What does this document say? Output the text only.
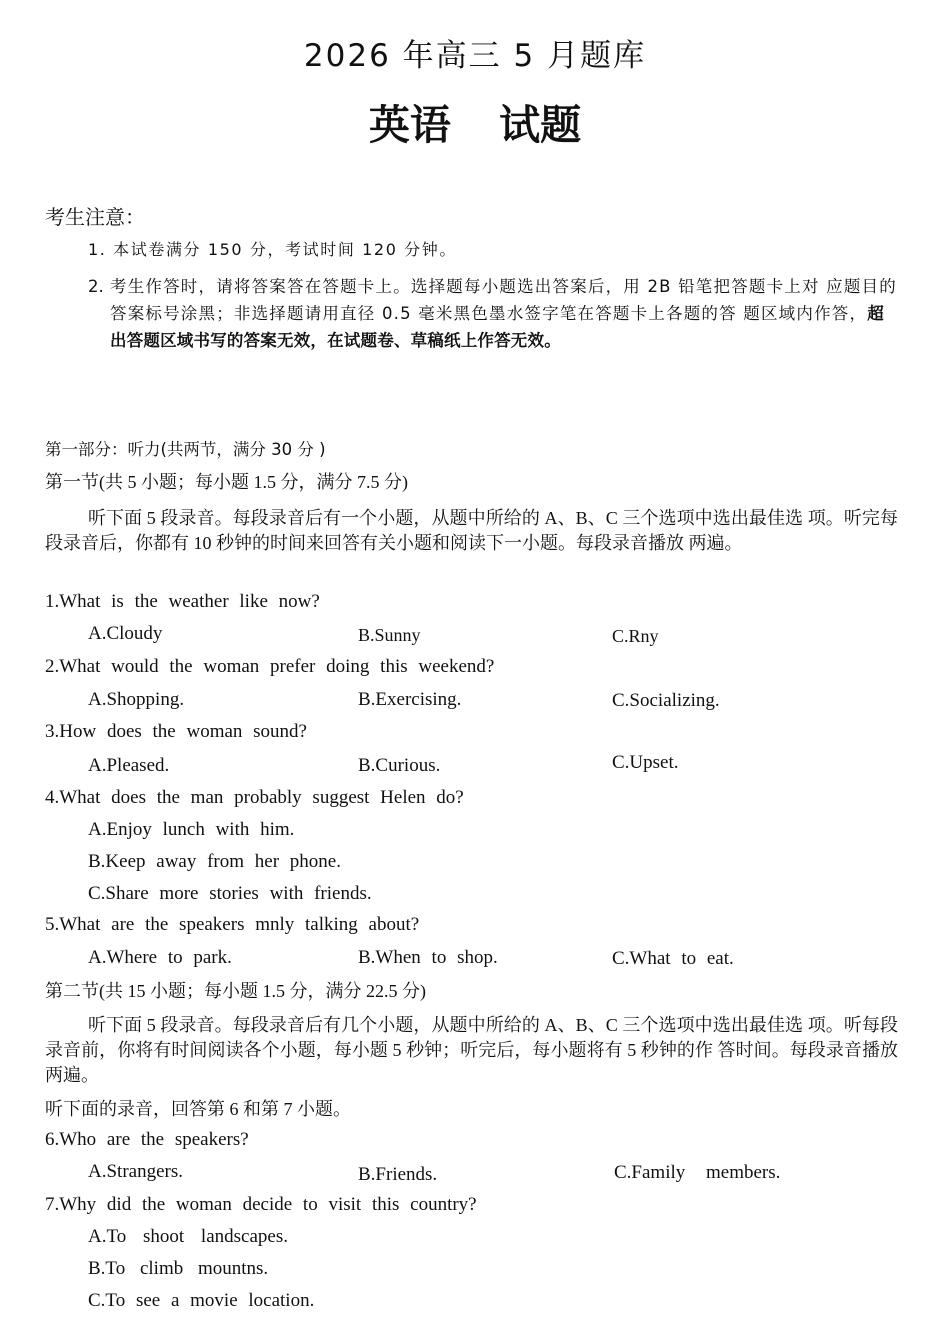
2026 年高三 5 月题库
英语 试题
考生注意：
1. 本试卷满分 150 分，考试时间 120 分钟。
2. 考生作答时，请将答案答在答题卡上。选择题每小题选出答案后，用 2B 铅笔把答题卡上对 应题目的答案标号涂黑；非选择题请用直径 0.5 毫米黑色墨水签字笔在答题卡上各题的答 题区域内作答，超出答题区域书写的答案无效，在试题卷、草稿纸上作答无效。
第一部分：听力(共两节，满分 30 分 )
第一节(共 5 小题；每小题 1.5 分，满分 7.5 分)
听下面 5 段录音。每段录音后有一个小题，从题中所给的 A、B、C 三个选项中选出最佳选 项。听完每段录音后，你都有 10 秒钟的时间来回答有关小题和阅读下一小题。每段录音播放 两遍。
1.What is the weather like now?
A.Cloudy	B.Sunny	C.Rny
2.What would the woman prefer doing this weekend?
A.Shopping.	B.Exercising.	C.Socializing.
3.How does the woman sound?
A.Pleased.	B.Curious.	C.Upset.
4.What does the man probably suggest Helen do?
A.Enjoy lunch with him.
B.Keep away from her phone.
C.Share more stories with friends.
5.What are the speakers mnly talking about?
A.Where to park.	B.When to shop.	C.What to eat.
第二节(共 15 小题；每小题 1.5 分，满分 22.5 分)
听下面 5 段录音。每段录音后有几个小题，从题中所给的 A、B、C 三个选项中选出最佳选 项。听每段录音前，你将有时间阅读各个小题，每小题 5 秒钟；听完后，每小题将有 5 秒钟的作 答时间。每段录音播放两遍。
听下面的录音，回答第 6 和第 7 小题。
6.Who are the speakers?
A.Strangers.	B.Friends.	C.Family members.
7.Why did the woman decide to visit this country?
A.To shoot landscapes.
B.To climb mountns.
C.To see a movie location.
